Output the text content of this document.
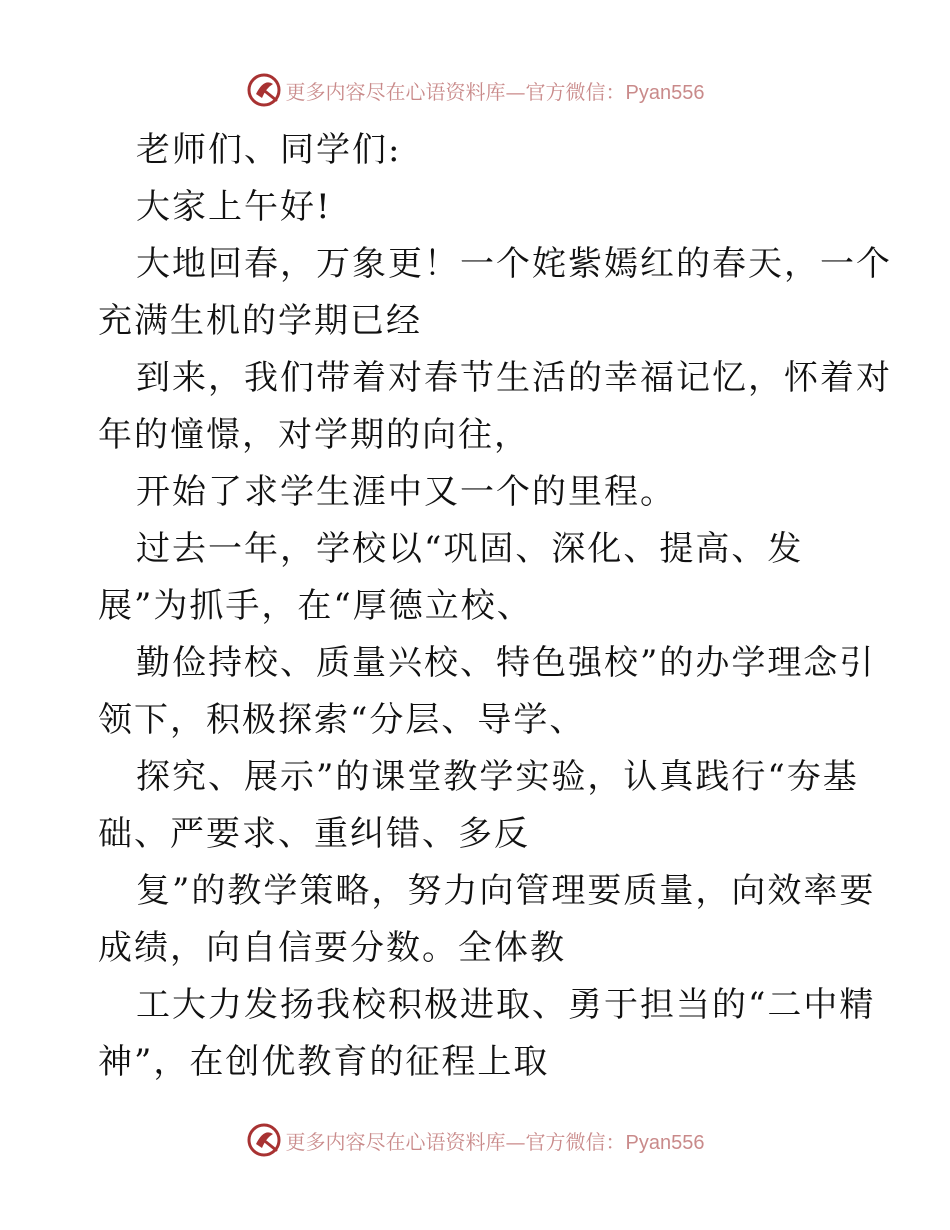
更多内容尽在心语资料库—官方微信：Pyan556
老师们、同学们:
大家上午好!
大地回春，万象更！一个姹紫嫣红的春天，一个
充满生机的学期已经
到来，我们带着对春节生活的幸福记忆，怀着对
年的憧憬，对学期的向往，
开始了求学生涯中又一个的里程。
过去一年，学校以“巩固、深化、提高、发
展”为抓手，在“厚德立校、
勤俭持校、质量兴校、特色强校”的办学理念引
领下，积极探索“分层、导学、
探究、展示”的课堂教学实验，认真践行“夯基
础、严要求、重纠错、多反
复”的教学策略，努力向管理要质量，向效率要
成绩，向自信要分数。全体教
工大力发扬我校积极进取、勇于担当的“二中精
神”，在创优教育的征程上取
更多内容尽在心语资料库—官方微信：Pyan556
